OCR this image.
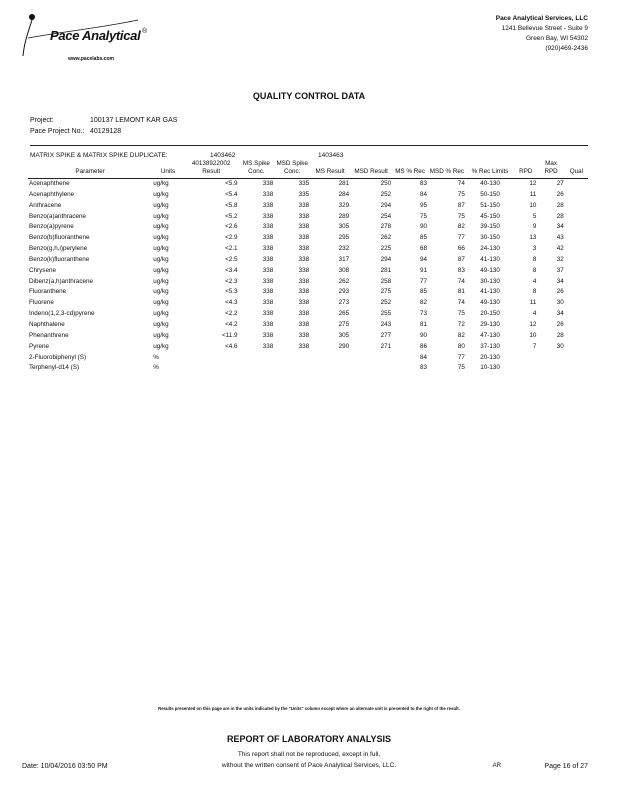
Pace Analytical ®
www.pacelabs.com
Pace Analytical Services, LLC
1241 Bellevue Street - Suite 9
Green Bay, WI 54302
(920)469-2436
QUALITY CONTROL DATA
Project:	100137 LEMONT KAR GAS
Pace Project No.: 40129128
MATRIX SPIKE & MATRIX SPIKE DUPLICATE:	1403462	1403463
Parameter	Units	40138922002 Result	MS Spike Conc.	MSD Spike Conc.	MS Result	MSD Result	MS % Rec	MSD % Rec	% Rec Limits	RPD	Max RPD	Qual
Acenaphthene	ug/kg	<5.9	338	335	281	250	83	74	40-130	12	27	
Acenaphthylene	ug/kg	<5.4	338	335	284	252	84	75	50-150	11	26	
Anthracene	ug/kg	<5.8	338	338	329	294	95	87	51-150	10	28	
Benzo(a)anthracene	ug/kg	<5.2	338	338	289	254	75	75	45-150	5	28	
Benzo(a)pyrene	ug/kg	<2.6	338	338	305	278	90	82	39-150	9	34	
Benzo(b)fluoranthene	ug/kg	<2.9	338	338	295	262	85	77	30-150	13	43	
Benzo(g,h,i)perylene	ug/kg	<2.1	338	338	232	225	68	66	24-130	3	42	
Benzo(k)fluoranthene	ug/kg	<2.5	338	338	317	294	94	87	41-130	8	32	
Chrysene	ug/kg	<3.4	338	338	308	281	91	83	49-130	8	37	
Dibenz(a,h)anthracene	ug/kg	<2.3	338	338	262	258	77	74	30-130	4	34	
Fluoranthene	ug/kg	<5.3	338	338	293	275	85	81	41-130	8	26	
Fluorene	ug/kg	<4.3	338	338	273	252	82	74	49-130	11	30	
Indeno(1,2,3-cd)pyrene	ug/kg	<2.2	338	338	265	255	73	75	20-150	4	34	
Naphthalene	ug/kg	<4.2	338	338	275	243	81	72	29-130	12	26	
Phenanthrene	ug/kg	<11.9	338	338	305	277	90	82	47-130	10	28	
Pyrene	ug/kg	<4.6	338	338	290	271	86	80	37-130	7	30	
2-Fluorobiphenyl (S)	%						84	77	20-130			
Terphenyl-d14 (S)	%						83	75	10-130			
Results presented on this page are in the units indicated by the "Units" column except where an alternate unit is presented to the right of the result.
REPORT OF LABORATORY ANALYSIS
This report shall not be reproduced, except in full,
without the written consent of Pace Analytical Services, LLC.
Date: 10/04/2016 03:50 PM	AR	Page 16 of 27
